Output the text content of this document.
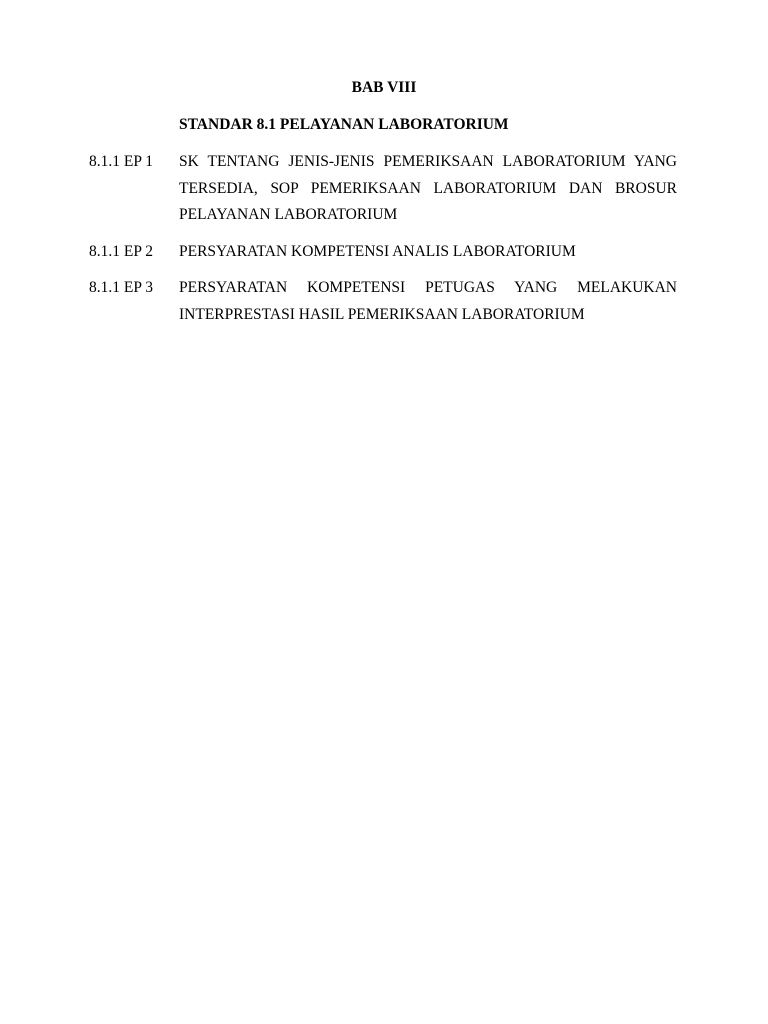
BAB VIII
STANDAR 8.1 PELAYANAN LABORATORIUM
8.1.1 EP 1	SK TENTANG JENIS-JENIS PEMERIKSAAN LABORATORIUM YANG TERSEDIA, SOP PEMERIKSAAN LABORATORIUM DAN BROSUR PELAYANAN LABORATORIUM
8.1.1 EP 2	PERSYARATAN KOMPETENSI ANALIS LABORATORIUM
8.1.1 EP 3	PERSYARATAN KOMPETENSI PETUGAS YANG MELAKUKAN INTERPRESTASI HASIL PEMERIKSAAN LABORATORIUM
